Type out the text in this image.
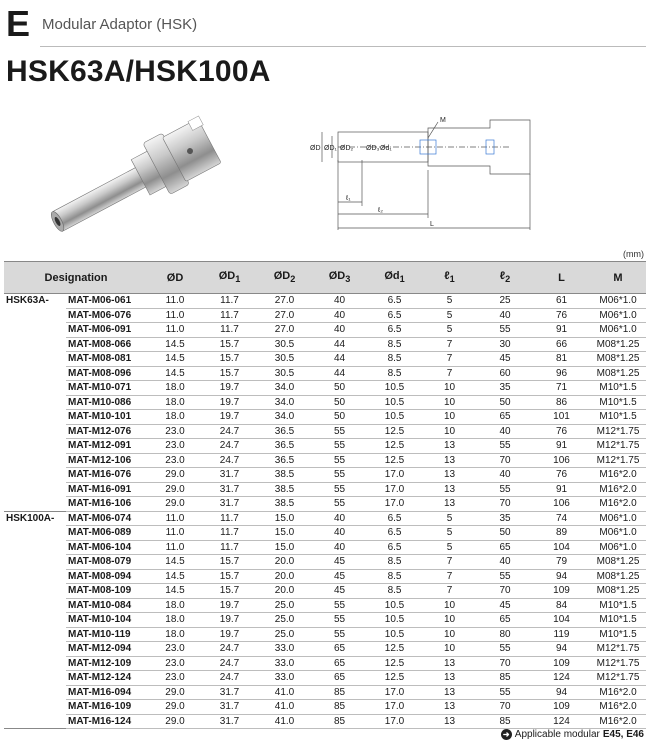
E Modular Adaptor (HSK)
HSK63A/HSK100A
M
ØD ØD₁ ØD₂ ØD₃ Ød₁
ℓ₁
ℓ₂
L
(mm)
Designation		ØD	$ØD_1$	$ØD_2$	$ØD_3$	$Ød_1$	ℓ$_1$	ℓ$_2$	L	M
HSK63A-	MAT-M06-061	11.0	11.7	27.0	40	6.5	5	25	61	M06*1.0
	MAT-M06-076	11.0	11.7	27.0	40	6.5	5	40	76	M06*1.0
	MAT-M06-091	11.0	11.7	27.0	40	6.5	5	55	91	M06*1.0
	MAT-M08-066	14.5	15.7	30.5	44	8.5	7	30	66	M08*1.25
	MAT-M08-081	14.5	15.7	30.5	44	8.5	7	45	81	M08*1.25
	MAT-M08-096	14.5	15.7	30.5	44	8.5	7	60	96	M08*1.25
	MAT-M10-071	18.0	19.7	34.0	50	10.5	10	35	71	M10*1.5
	MAT-M10-086	18.0	19.7	34.0	50	10.5	10	50	86	M10*1.5
	MAT-M10-101	18.0	19.7	34.0	50	10.5	10	65	101	M10*1.5
	MAT-M12-076	23.0	24.7	36.5	55	12.5	10	40	76	M12*1.75
	MAT-M12-091	23.0	24.7	36.5	55	12.5	13	55	91	M12*1.75
	MAT-M12-106	23.0	24.7	36.5	55	12.5	13	70	106	M12*1.75
	MAT-M16-076	29.0	31.7	38.5	55	17.0	13	40	76	M16*2.0
	MAT-M16-091	29.0	31.7	38.5	55	17.0	13	55	91	M16*2.0
	MAT-M16-106	29.0	31.7	38.5	55	17.0	13	70	106	M16*2.0
HSK100A-	MAT-M06-074	11.0	11.7	15.0	40	6.5	5	35	74	M06*1.0
	MAT-M06-089	11.0	11.7	15.0	40	6.5	5	50	89	M06*1.0
	MAT-M06-104	11.0	11.7	15.0	40	6.5	5	65	104	M06*1.0
	MAT-M08-079	14.5	15.7	20.0	45	8.5	7	40	79	M08*1.25
	MAT-M08-094	14.5	15.7	20.0	45	8.5	7	55	94	M08*1.25
	MAT-M08-109	14.5	15.7	20.0	45	8.5	7	70	109	M08*1.25
	MAT-M10-084	18.0	19.7	25.0	55	10.5	10	45	84	M10*1.5
	MAT-M10-104	18.0	19.7	25.0	55	10.5	10	65	104	M10*1.5
	MAT-M10-119	18.0	19.7	25.0	55	10.5	10	80	119	M10*1.5
	MAT-M12-094	23.0	24.7	33.0	65	12.5	10	55	94	M12*1.75
	MAT-M12-109	23.0	24.7	33.0	65	12.5	13	70	109	M12*1.75
	MAT-M12-124	23.0	24.7	33.0	65	12.5	13	85	124	M12*1.75
	MAT-M16-094	29.0	31.7	41.0	85	17.0	13	55	94	M16*2.0
	MAT-M16-109	29.0	31.7	41.0	85	17.0	13	70	109	M16*2.0
	MAT-M16-124	29.0	31.7	41.0	85	17.0	13	85	124	M16*2.0
➜ Applicable modular E45, E46
